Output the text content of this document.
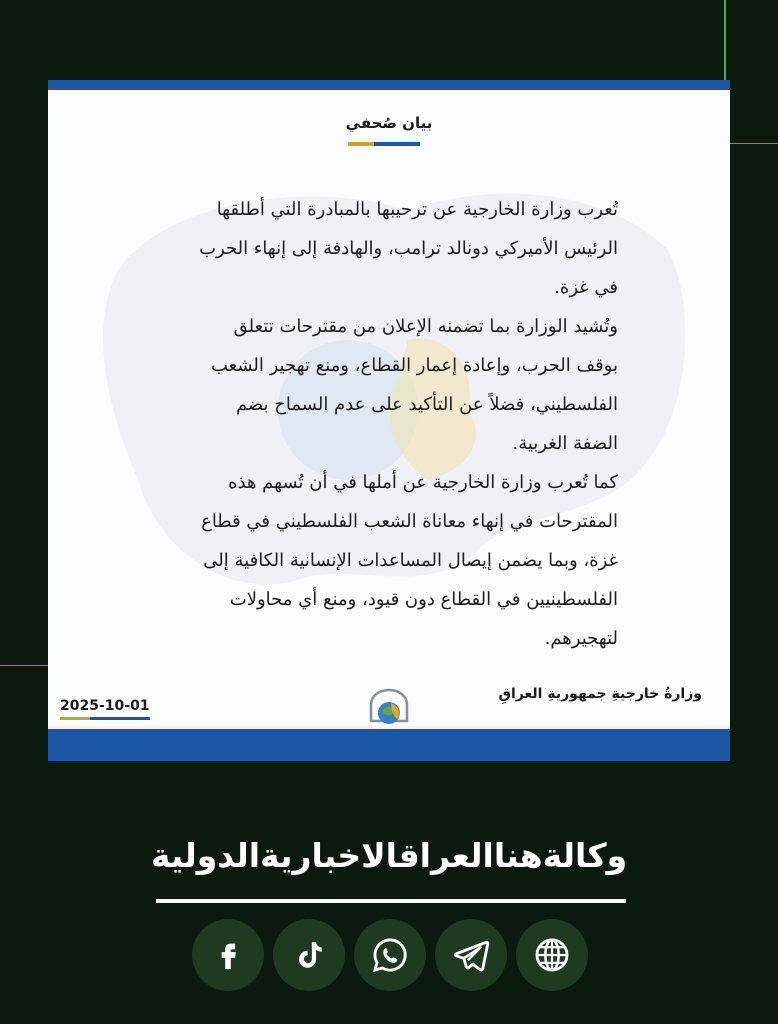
بيان صُحفي

تُعرب وزارة الخارجية عن ترحيبها بالمبادرة التي أطلقها الرئيس الأميركي دونالد ترامب، والهادفة إلى إنهاء الحرب في غزة.

وتُشيد الوزارة بما تضمنه الإعلان من مقترحات تتعلق بوقف الحرب، وإعادة إعمار القطاع، ومنع تهجير الشعب الفلسطيني، فضلاً عن التأكيد على عدم السماح بضم الضفة الغربية.

كما تُعرب وزارة الخارجية عن أملها في أن تُسهم هذه المقترحات في إنهاء معاناة الشعب الفلسطيني في قطاع غزة، وبما يضمن إيصال المساعدات الإنسانية الكافية إلى الفلسطينيين في القطاع دون قيود، ومنع أي محاولات لتهجيرهم.

وزارةُ خارجيةِ جمهوريةِ العراقِ
2025-10-01
وكالةهناالعراقالاخباريةالدولية
